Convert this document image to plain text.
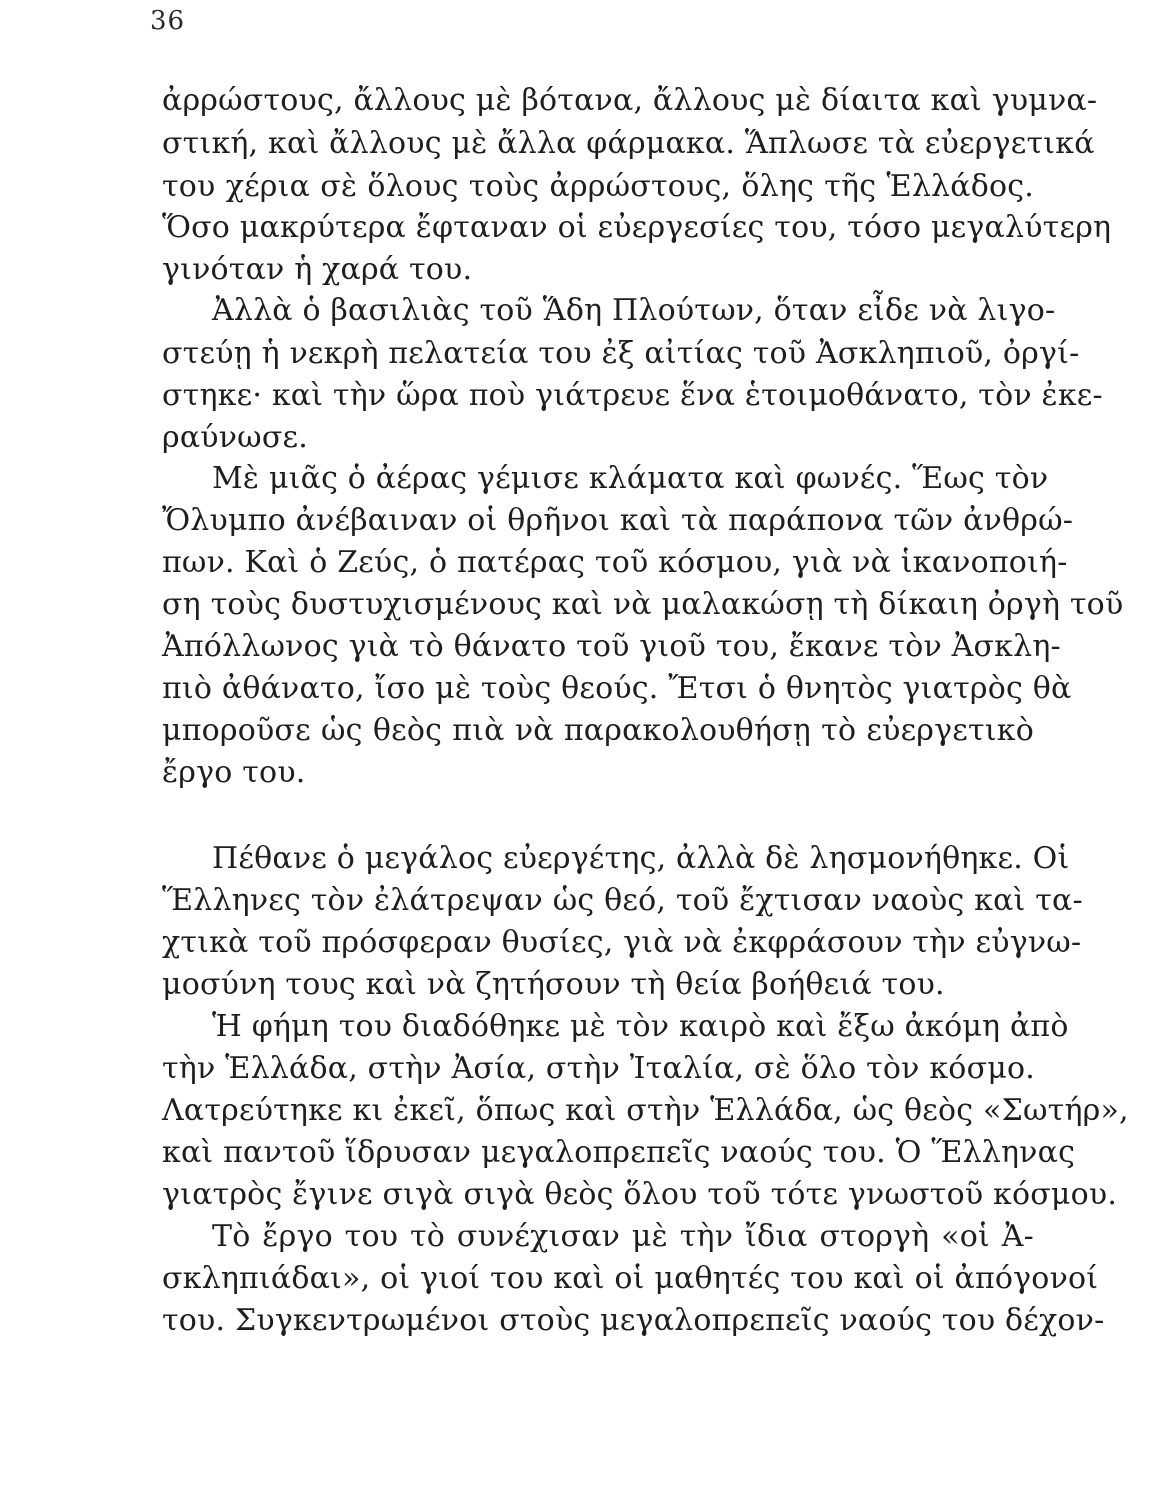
36
ἀρρώστους, ἄλλους μὲ βότανα, ἄλλους μὲ δίαιτα καὶ γυμνα-
στική, καὶ ἄλλους μὲ ἄλλα φάρμακα. Ἅπλωσε τὰ εὐεργετικά
του χέρια σὲ ὅλους τοὺς ἀρρώστους, ὅλης τῆς Ἑλλάδος.
Ὅσο μακρύτερα ἔφταναν οἱ εὐεργεσίες του, τόσο μεγαλύτερη
γινόταν ἡ χαρά του.
Ἀλλὰ ὁ βασιλιὰς τοῦ Ἅδη Πλούτων, ὅταν εἶδε νὰ λιγο-
στεύῃ ἡ νεκρὴ πελατεία του ἐξ αἰτίας τοῦ Ἀσκληπιοῦ, ὀργί-
στηκε· καὶ τὴν ὥρα ποὺ γιάτρευε ἕνα ἑτοιμοθάνατο, τὸν ἐκε-
ραύνωσε.
Μὲ μιᾶς ὁ ἀέρας γέμισε κλάματα καὶ φωνές. Ἕως τὸν
Ὄλυμπο ἀνέβαιναν οἱ θρῆνοι καὶ τὰ παράπονα τῶν ἀνθρώ-
πων. Καὶ ὁ Ζεύς, ὁ πατέρας τοῦ κόσμου, γιὰ νὰ ἱκανοποιή-
ση τοὺς δυστυχισμένους καὶ νὰ μαλακώσῃ τὴ δίκαιη ὀργὴ τοῦ
Ἀπόλλωνος γιὰ τὸ θάνατο τοῦ γιοῦ του, ἔκανε τὸν Ἀσκλη-
πιὸ ἀθάνατο, ἴσο μὲ τοὺς θεούς. Ἔτσι ὁ θνητὸς γιατρὸς θὰ
μποροῦσε ὡς θεὸς πιὰ νὰ παρακολουθήσῃ τὸ εὐεργετικὸ
ἔργο του.
Πέθανε ὁ μεγάλος εὐεργέτης, ἀλλὰ δὲ λησμονήθηκε. Οἱ
Ἕλληνες τὸν ἐλάτρεψαν ὡς θεό, τοῦ ἔχτισαν ναοὺς καὶ τα-
χτικὰ τοῦ πρόσφεραν θυσίες, γιὰ νὰ ἐκφράσουν τὴν εὐγνω-
μοσύνη τους καὶ νὰ ζητήσουν τὴ θεία βοήθειά του.
Ἡ φήμη του διαδόθηκε μὲ τὸν καιρὸ καὶ ἔξω ἀκόμη ἀπὸ
τὴν Ἑλλάδα, στὴν Ἀσία, στὴν Ἰταλία, σὲ ὅλο τὸν κόσμο.
Λατρεύτηκε κι ἐκεῖ, ὅπως καὶ στὴν Ἑλλάδα, ὡς θεὸς «Σωτήρ»,
καὶ παντοῦ ἵδρυσαν μεγαλοπρεπεῖς ναούς του. Ὁ Ἕλληνας
γιατρὸς ἔγινε σιγὰ σιγὰ θεὸς ὅλου τοῦ τότε γνωστοῦ κόσμου.
Τὸ ἔργο του τὸ συνέχισαν μὲ τὴν ἴδια στοργὴ «οἱ Ἀ-
σκληπιάδαι», οἱ γιοί του καὶ οἱ μαθητές του καὶ οἱ ἀπόγονοί
του. Συγκεντρωμένοι στοὺς μεγαλοπρεπεῖς ναούς του δέχον-
